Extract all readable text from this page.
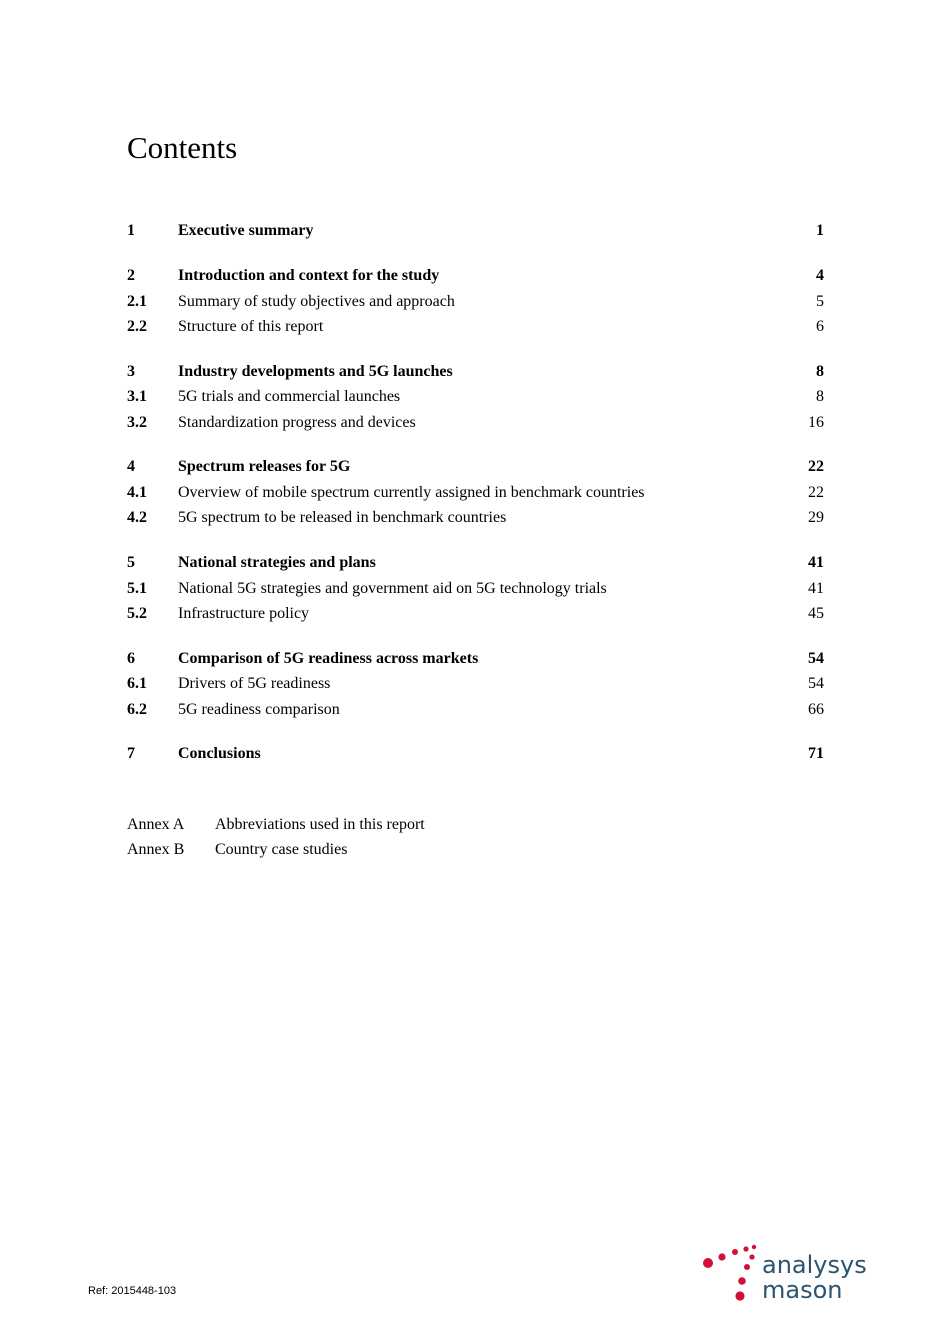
Contents
1	Executive summary	1
2	Introduction and context for the study	4
2.1 Summary of study objectives and approach	5
2.2 Structure of this report	6
3	Industry developments and 5G launches	8
3.1 5G trials and commercial launches	8
3.2 Standardization progress and devices	16
4	Spectrum releases for 5G	22
4.1 Overview of mobile spectrum currently assigned in benchmark countries	22
4.2 5G spectrum to be released in benchmark countries	29
5	National strategies and plans	41
5.1 National 5G strategies and government aid on 5G technology trials	41
5.2 Infrastructure policy	45
6	Comparison of 5G readiness across markets	54
6.1 Drivers of 5G readiness	54
6.2 5G readiness comparison	66
7	Conclusions	71
Annex A Abbreviations used in this report
Annex B Country case studies
Ref: 2015448-103
analysys
mason
